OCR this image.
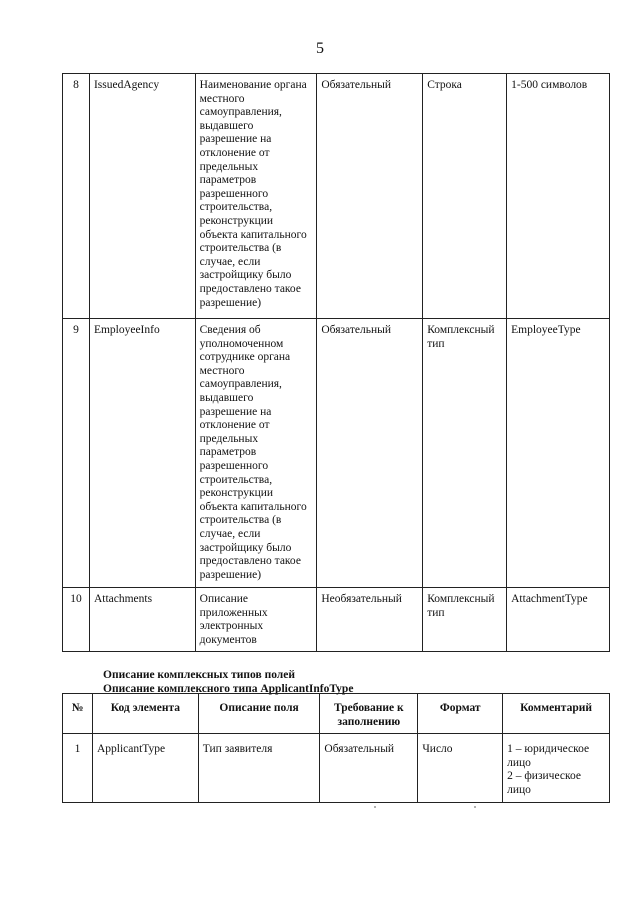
5
8	IssuedAgency	Наименование органа местного самоуправления, выдавшего разрешение на отклонение от предельных параметров разрешенного строительства, реконструкции объекта капитального строительства (в случае, если застройщику было предоставлено такое разрешение)	Обязательный	Строка	1-500 символов
9	EmployeeInfo	Сведения об уполномоченном сотруднике органа местного самоуправления, выдавшего разрешение на отклонение от предельных параметров разрешенного строительства, реконструкции объекта капитального строительства (в случае, если застройщику было предоставлено такое разрешение)	Обязательный	Комплексный тип	EmployeeType
10	Attachments	Описание приложенных электронных документов	Необязательный	Комплексный тип	AttachmentType
Описание комплексных типов полей
Описание комплексного типа ApplicantInfoType
№	Код элемента	Описание поля	Требование к заполнению	Формат	Комментарий
1	ApplicantType	Тип заявителя	Обязательный	Число	1 – юридическое лицо
2 – физическое лицо
